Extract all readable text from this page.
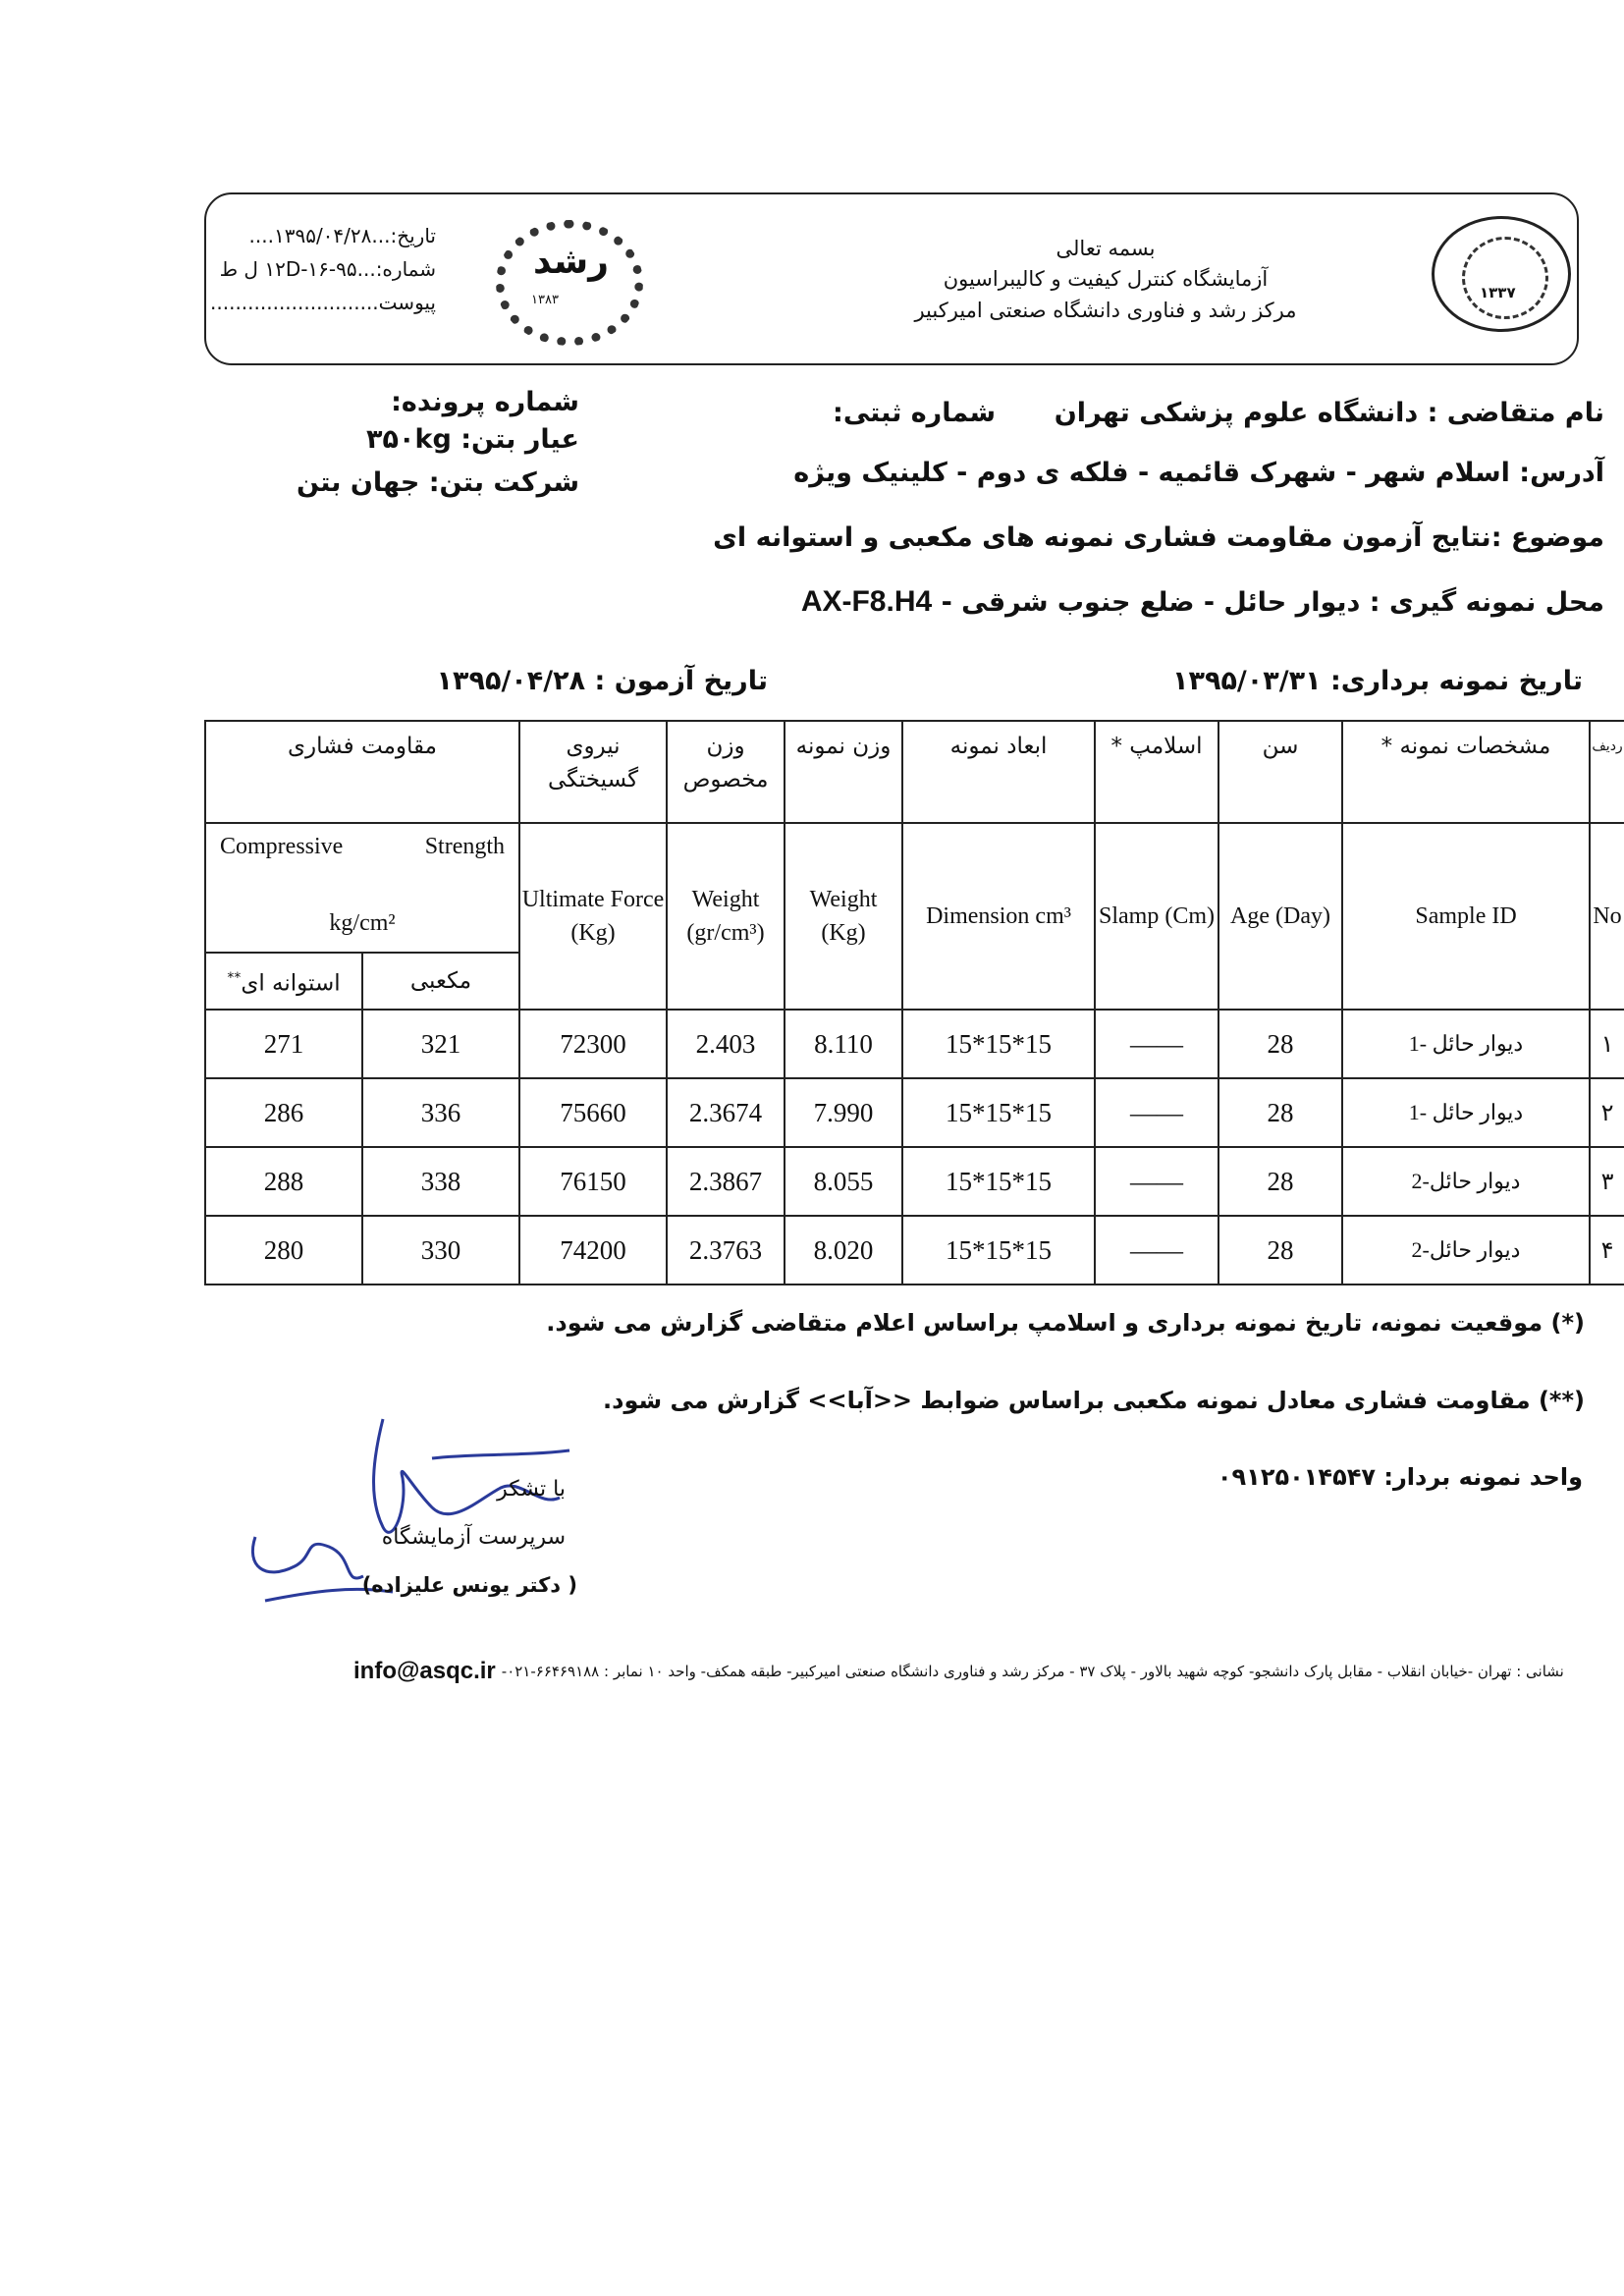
بسمه تعالی
آزمایشگاه کنترل کیفیت و کالیبراسیون
مرکز رشد و فناوری دانشگاه صنعتی امیرکبیر
۱۳۳۷
رشد
۱۳۸۳
تاریخ:...۱۳۹۵/۰۴/۲۸....
شماره:...۱۲D-۱۶-۹۵ ل ط
پیوست...........................
نام متقاضی : دانشگاه علوم پزشکی تهران
شماره ثبتی:
آدرس: اسلام شهر - شهرک قائمیه - فلکه ی دوم - کلینیک ویژه
موضوع :نتایج آزمون مقاومت فشاری نمونه های مکعبی و استوانه ای
محل نمونه گیری : دیوار حائل - ضلع جنوب شرقی - AX-F8.H4
شماره پرونده:
عیار بتن: ۳۵۰kg
شرکت بتن: جهان بتن
تاریخ نمونه برداری: ۱۳۹۵/۰۳/۳۱
تاریخ آزمون : ۱۳۹۵/۰۴/۲۸
مقاومت فشاری		نیروی گسیختگی	وزن مخصوص	وزن نمونه	ابعاد نمونه	اسلامپ *	سن	مشخصات نمونه *	ردیف

Compressive Strength
kg/cm²		Ultimate Force (Kg)	Weight (gr/cm³)	Weight (Kg)	Dimension cm³	Slamp (Cm)	Age (Day)	Sample ID	No
استوانه ای**	مکعبی								
271	321	72300	2.403	8.110	15*15*15	——	28	دیوار حائل -1	۱
286	336	75660	2.3674	7.990	15*15*15	——	28	دیوار حائل -1	۲
288	338	76150	2.3867	8.055	15*15*15	——	28	دیوار حائل-2	۳
280	330	74200	2.3763	8.020	15*15*15	——	28	دیوار حائل-2	۴
(*) موقعیت نمونه، تاریخ نمونه برداری و اسلامپ براساس اعلام متقاضی گزارش می شود.
(**) مقاومت فشاری معادل نمونه مکعبی براساس ضوابط <<آبا>> گزارش می شود.
واحد نمونه بردار: ۰۹۱۲۵۰۱۴۵۴۷
با تشکر
سرپرست آزمایشگاه
( دکتر یونس علیزاده)
info@asqc.ir نشانی : تهران -خیابان انقلاب - مقابل پارک دانشجو- کوچه شهید بالاور - پلاک ۳۷ - مرکز رشد و فناوری دانشگاه صنعتی امیرکبیر- طبقه همکف- واحد ۱۰ نمابر : ۶۶۴۶۹۱۸۸-۰۲۱-
